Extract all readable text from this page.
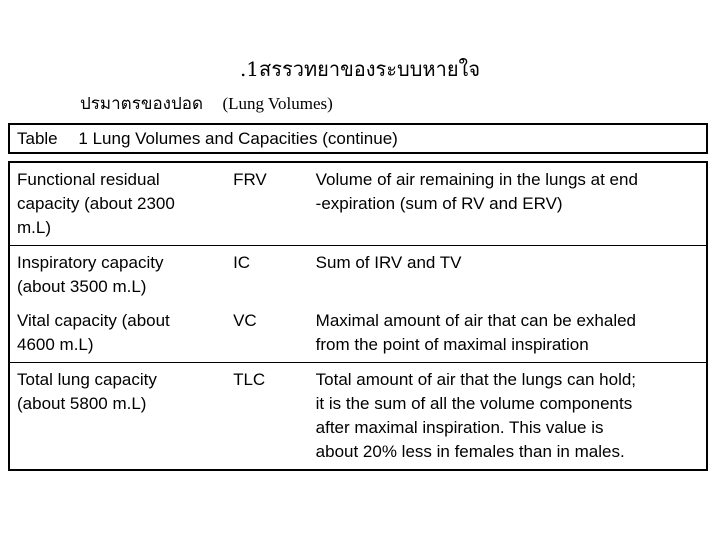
.1สรรวทยาของระบบหายใจ
ปรมาตรของปอด (Lung Volumes)
Table 1 Lung Volumes and Capacities (continue)
Functional residual
capacity (about 2300
m.L)	FRV	Volume of air remaining in the lungs at end
-expiration (sum of RV and ERV)
Inspiratory capacity
(about 3500 m.L)	IC	Sum of IRV and TV
Vital capacity (about
4600 m.L)	VC	Maximal amount of air that can be exhaled
from the point of maximal inspiration
Total lung capacity
(about 5800 m.L)	TLC	Total amount of air that the lungs can hold;
it is the sum of all the volume components
after maximal inspiration. This value is
about 20% less in females than in males.
